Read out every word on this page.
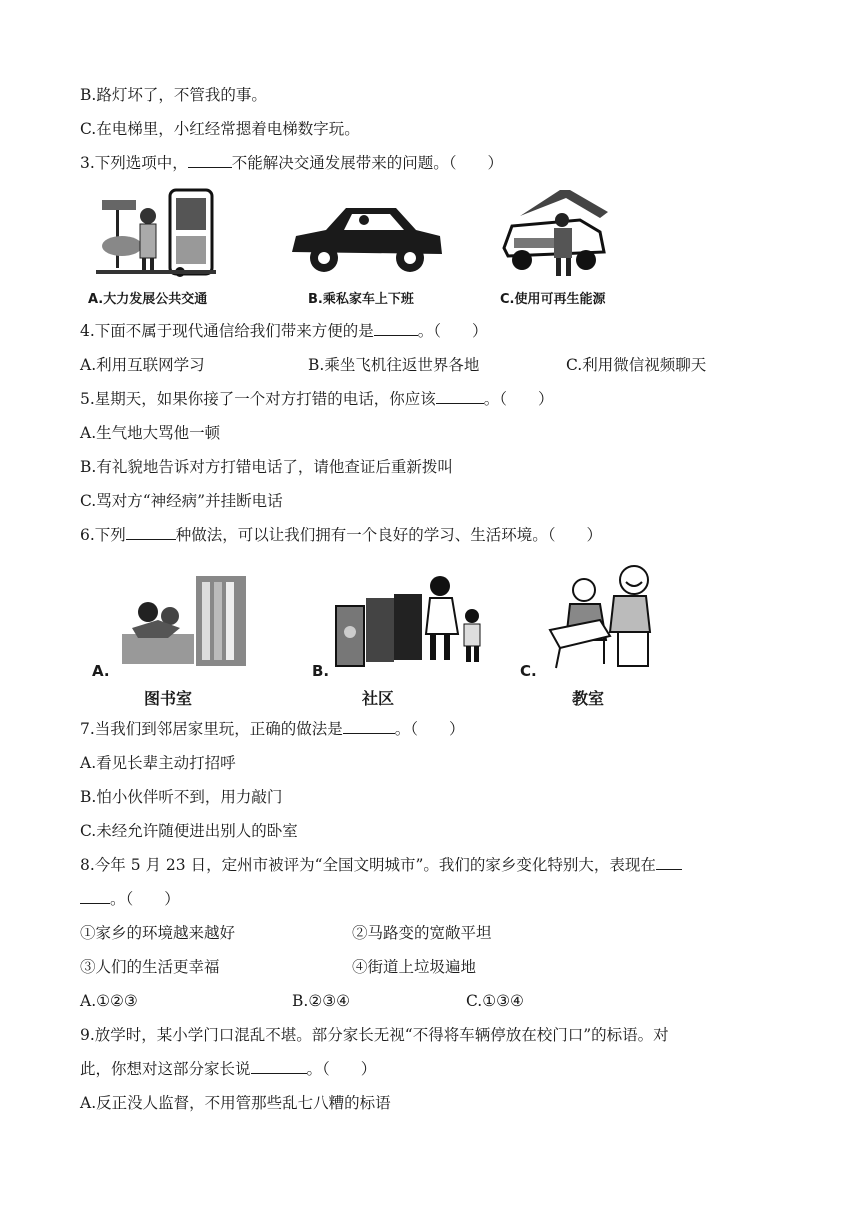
B.路灯坏了，不管我的事。
C.在电梯里，小红经常摁着电梯数字玩。
3.下列选项中，	不能解决交通发展带来的问题。（　　）
A.大力发展公共交通	B.乘私家车上下班	C.使用可再生能源
4.下面不属于现代通信给我们带来方便的是	。（　　）
A.利用互联网学习	B.乘坐飞机往返世界各地	C.利用微信视频聊天
5.星期天，如果你接了一个对方打错的电话，你应该	。（　　）
A.生气地大骂他一顿
B.有礼貌地告诉对方打错电话了，请他查证后重新拨叫
C.骂对方“神经病”并挂断电话
6.下列	种做法，可以让我们拥有一个良好的学习、生活环境。（　　）
A.
图书室
B.
社区
C.
教室
7.当我们到邻居家里玩，正确的做法是	。（　　）
A.看见长辈主动打招呼
B.怕小伙伴听不到，用力敲门
C.未经允许随便进出别人的卧室
8.今年 5 月 23 日，定州市被评为“全国文明城市”。我们的家乡变化特别大，表现在
。（　　）
①家乡的环境越来越好	②马路变的宽敞平坦
③人们的生活更幸福	④街道上垃圾遍地
A.①②③	B.②③④	C.①③④
9.放学时，某小学门口混乱不堪。部分家长无视“不得将车辆停放在校门口”的标语。对
此，你想对这部分家长说	。（　　）
A.反正没人监督，不用管那些乱七八糟的标语
